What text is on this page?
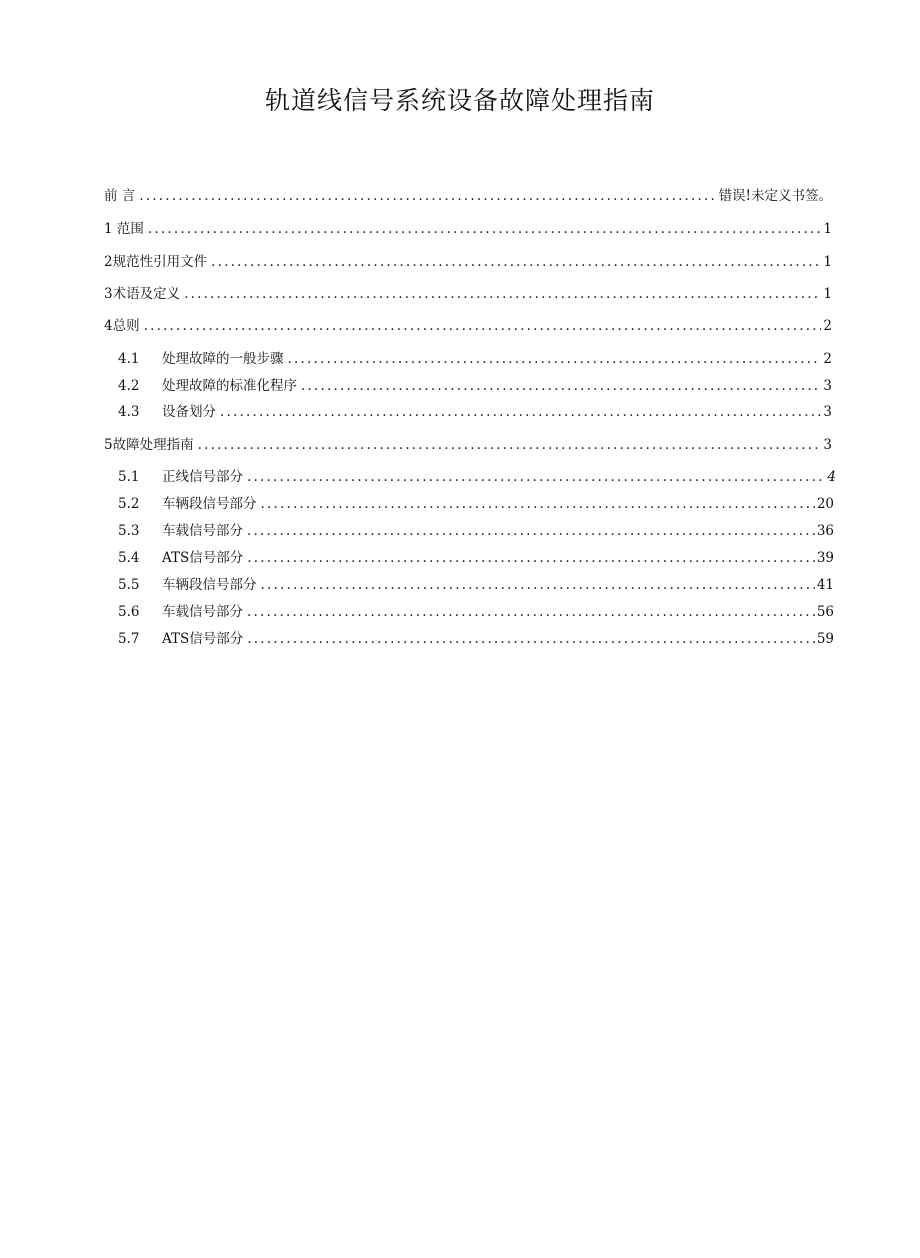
轨道线信号系统设备故障处理指南
前 言 .....	错误!未定义书签。
1 范围 .....	1
2规范性引用文件 .....	1
3术语及定义 .....	1
4总则 .....	2
4.1	处理故障的一般步骤 .....	2
4.2	处理故障的标准化程序 .....	3
4.3	设备划分 .....	3
5故障处理指南 .....	3
5.1	正线信号部分 .....	4
5.2	车辆段信号部分 .....	20
5.3	车载信号部分 .....	36
5.4	ATS信号部分 .....	39
5.5	车辆段信号部分 .....	41
5.6	车载信号部分 .....	56
5.7	ATS信号部分 .....	59
